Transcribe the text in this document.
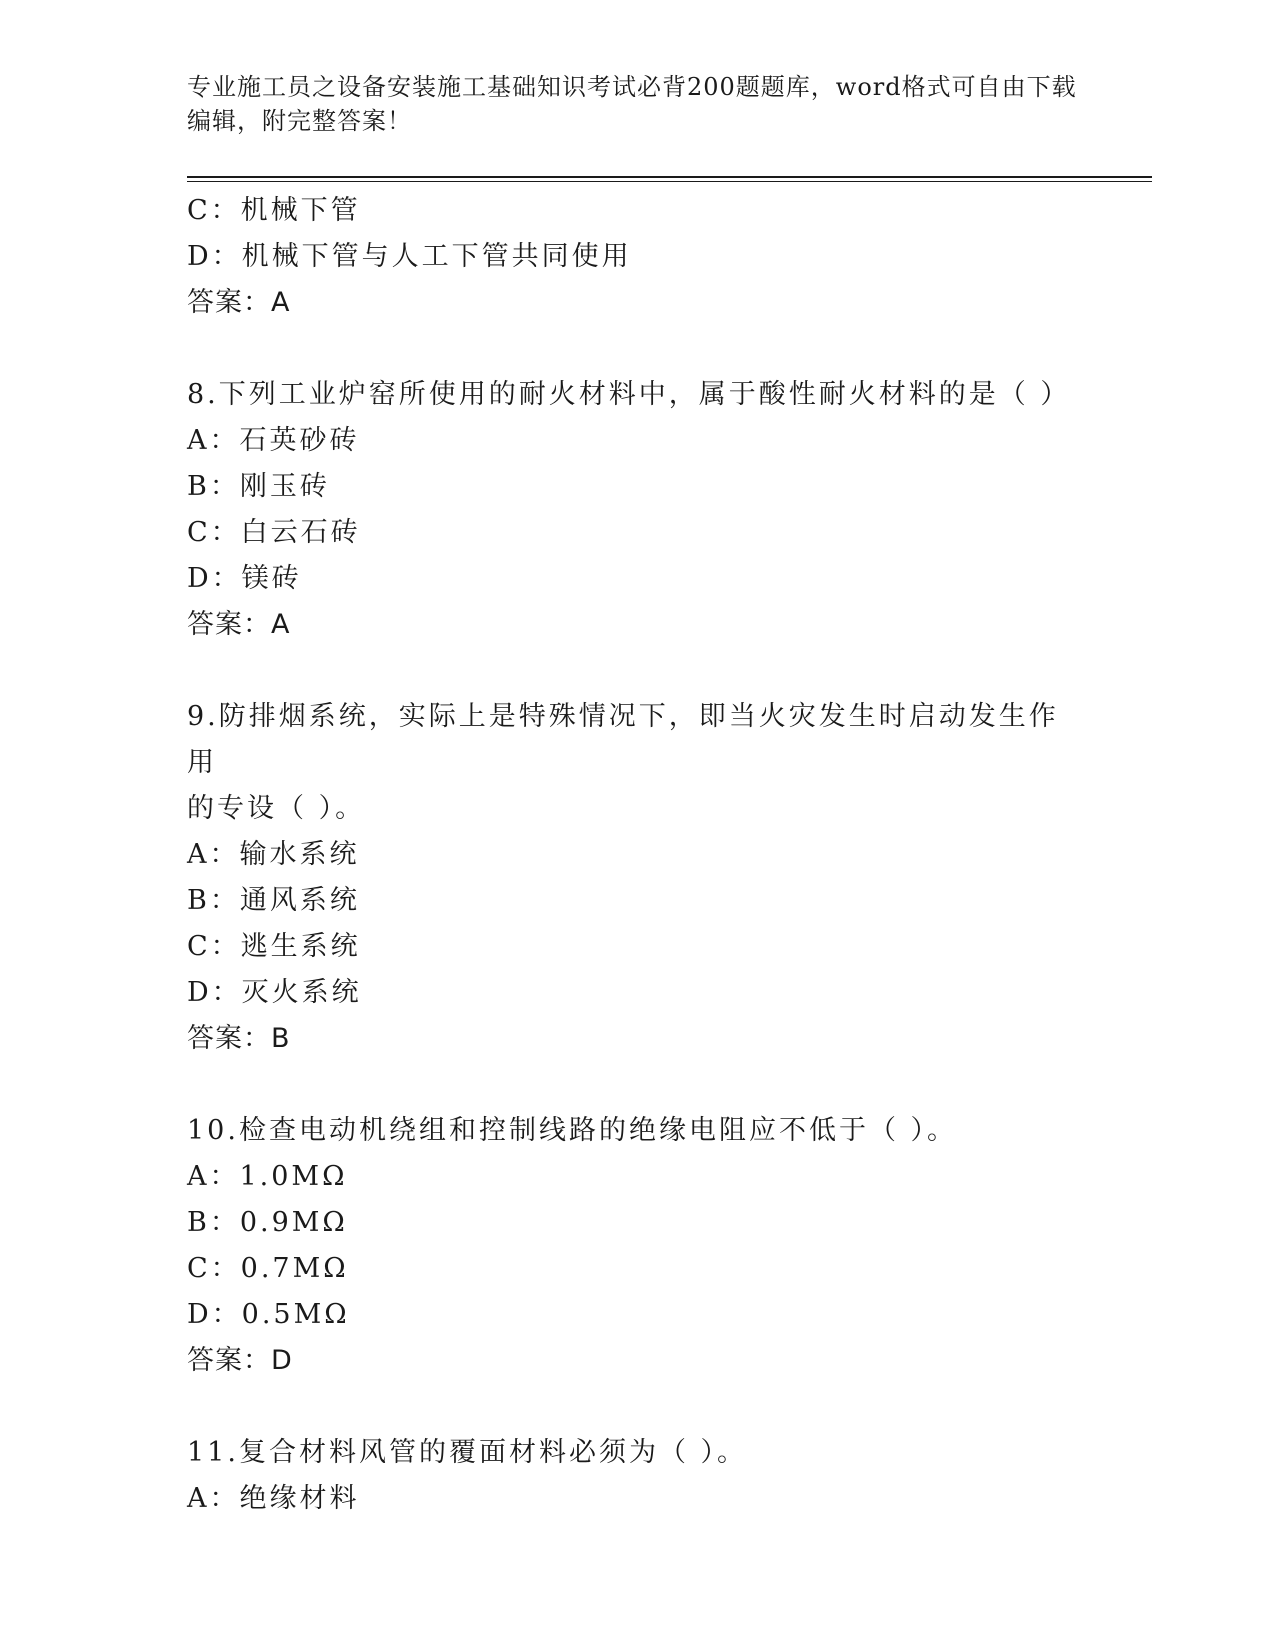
专业施工员之设备安装施工基础知识考试必背200题题库，word格式可自由下载
编辑，附完整答案！
C：机械下管
D：机械下管与人工下管共同使用
答案：A
8.下列工业炉窑所使用的耐火材料中，属于酸性耐火材料的是（ ）
A：石英砂砖
B：刚玉砖
C：白云石砖
D：镁砖
答案：A
9.防排烟系统，实际上是特殊情况下，即当火灾发生时启动发生作用
的专设（ ）。
A：输水系统
B：通风系统
C：逃生系统
D：灭火系统
答案：B
10.检查电动机绕组和控制线路的绝缘电阻应不低于（ ）。
A：1.0MΩ
B：0.9MΩ
C：0.7MΩ
D：0.5MΩ
答案：D
11.复合材料风管的覆面材料必须为（ ）。
A：绝缘材料
